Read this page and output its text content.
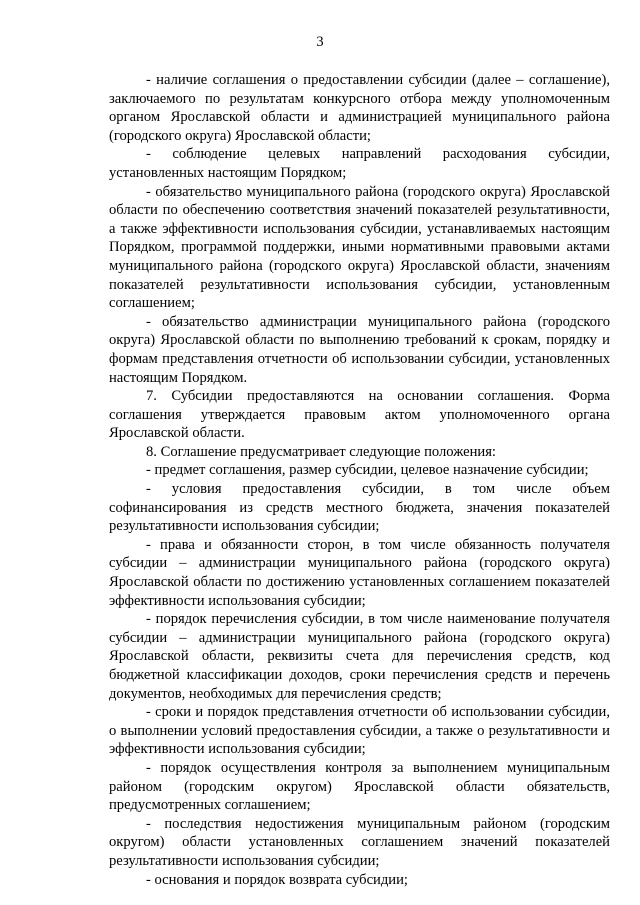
3

- наличие соглашения о предоставлении субсидии (далее – соглашение), заключаемого по результатам конкурсного отбора между уполномоченным органом Ярославской области и администрацией муниципального района (городского округа) Ярославской области;

- соблюдение целевых направлений расходования субсидии, установленных настоящим Порядком;

- обязательство муниципального района (городского округа) Ярославской области по обеспечению соответствия значений показателей результативности, а также эффективности использования субсидии, устанавливаемых настоящим Порядком, программой поддержки, иными нормативными правовыми актами муниципального района (городского округа) Ярославской области, значениям показателей результативности использования субсидии, установленным соглашением;

- обязательство администрации муниципального района (городского округа) Ярославской области по выполнению требований к срокам, порядку и формам представления отчетности об использовании субсидии, установленных настоящим Порядком.

7. Субсидии предоставляются на основании соглашения. Форма соглашения утверждается правовым актом уполномоченного органа Ярославской области.

8. Соглашение предусматривает следующие положения:

- предмет соглашения, размер субсидии, целевое назначение субсидии;

- условия предоставления субсидии, в том числе объем софинансирования из средств местного бюджета, значения показателей результативности использования субсидии;

- права и обязанности сторон, в том числе обязанность получателя субсидии – администрации муниципального района (городского округа) Ярославской области по достижению установленных соглашением показателей эффективности использования субсидии;

- порядок перечисления субсидии, в том числе наименование получателя субсидии – администрации муниципального района (городского округа) Ярославской области, реквизиты счета для перечисления средств, код бюджетной классификации доходов, сроки перечисления средств и перечень документов, необходимых для перечисления средств;

- сроки и порядок представления отчетности об использовании субсидии, о выполнении условий предоставления субсидии, а также о результативности и эффективности использования субсидии;

- порядок осуществления контроля за выполнением муниципальным районом (городским округом) Ярославской области обязательств, предусмотренных соглашением;

- последствия недостижения муниципальным районом (городским округом) области установленных соглашением значений показателей результативности использования субсидии;

- основания и порядок возврата субсидии;
